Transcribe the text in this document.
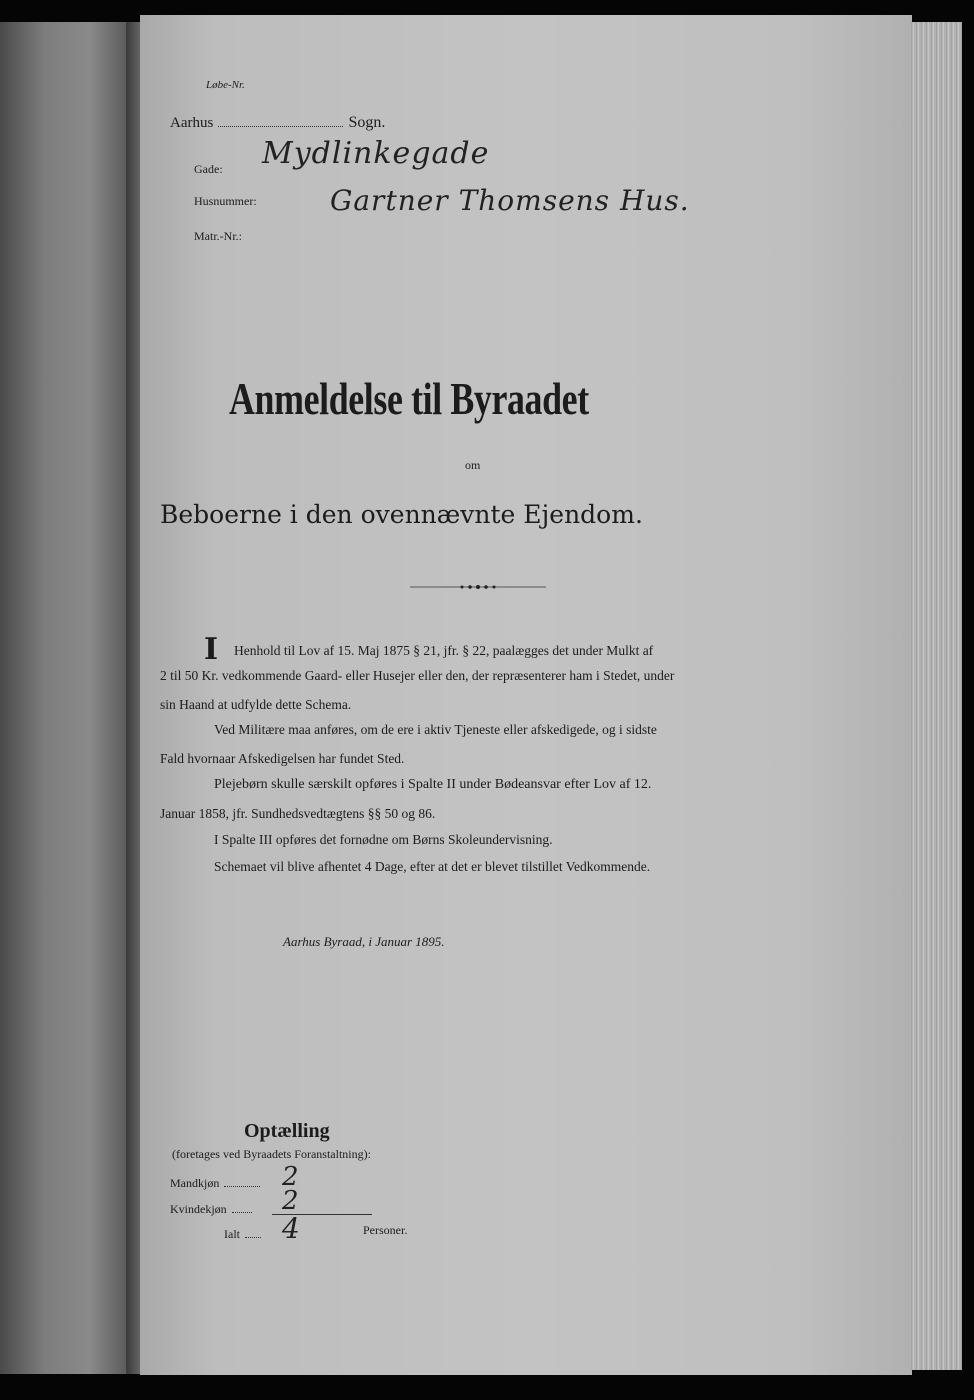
Løbe-Nr.
Aarhus	Sogn.
Gade: Mydlinkegade
Husnummer:	Gartner Thomsens Hus.
Matr.-Nr.:
Anmeldelse til Byraadet
om
Beboerne i den ovennævnte Ejendom.
I Henhold til Lov af 15. Maj 1875 § 21, jfr. § 22, paalægges det under Mulkt af
2 til 50 Kr. vedkommende Gaard- eller Husejer eller den, der repræsenterer ham i Stedet, under
sin Haand at udfylde dette Schema.
Ved Militære maa anføres, om de ere i aktiv Tjeneste eller afskedigede, og i sidste
Fald hvornaar Afskedigelsen har fundet Sted.
Plejebørn skulle særskilt opføres i Spalte II under Bødeansvar efter Lov af 12.
Januar 1858, jfr. Sundhedsvedtægtens §§ 50 og 86.
I Spalte III opføres det fornødne om Børns Skoleundervisning.
Schemaet vil blive afhentet 4 Dage, efter at det er blevet tilstillet Vedkommende.
Aarhus Byraad, i Januar 1895.
Optælling
(foretages ved Byraadets Foranstaltning):
Mandkjøn	2
Kvindekjøn	2
Ialt	4	Personer.
